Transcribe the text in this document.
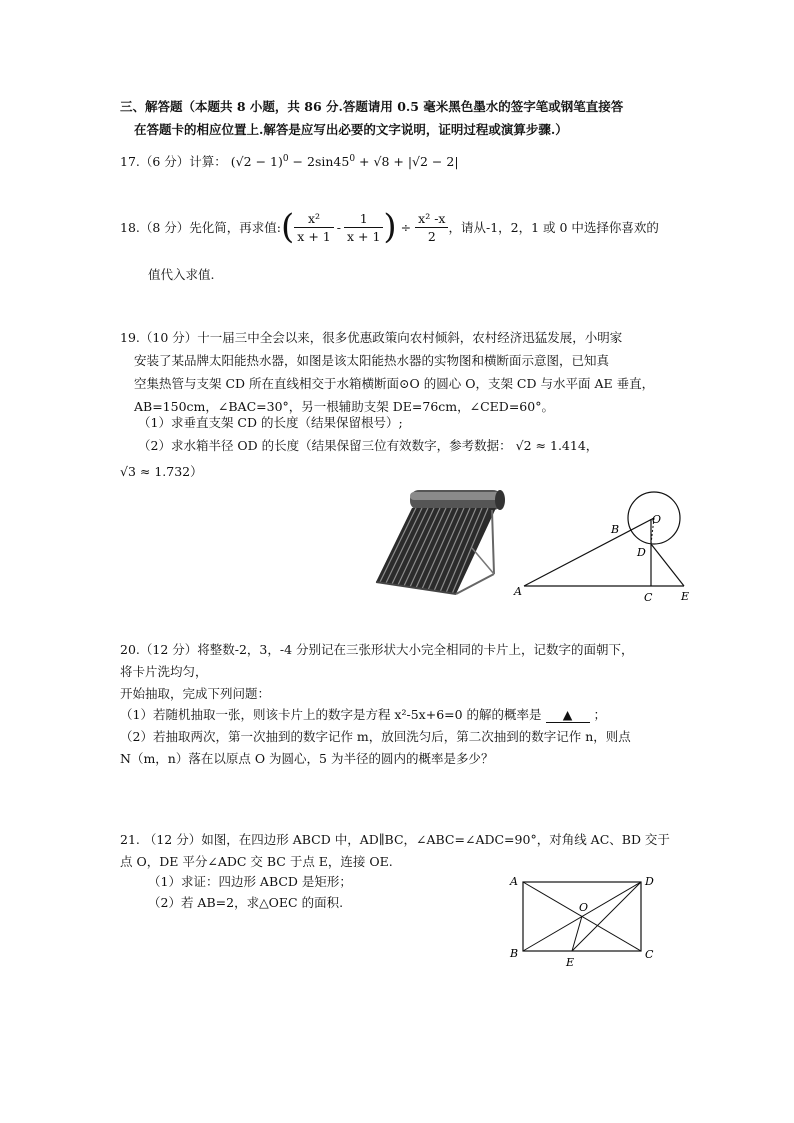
三、解答题（本题共 8 小题，共 86 分.答题请用 0.5 毫米黑色墨水的签字笔或钢笔直接答
在答题卡的相应位置上.解答是应写出必要的文字说明，证明过程或演算步骤.）
17.（6 分）计算： $(√2 - 1)^0 - 2\sin 45^0 + √8 + |√2 - 2|$
18.（8 分）先化简，再求值: ( $\frac{\text{x²}}{x + 1} - \frac{1}{x + 1}$ ) ÷ $\frac{\text{x² -x}}{2}$ ，请从-1，2，1 或 0 中选择你喜欢的
值代入求值.
19.（10 分）十一届三中全会以来，很多优惠政策向农村倾斜，农村经济迅猛发展，小明家
安装了某品牌太阳能热水器，如图是该太阳能热水器的实物图和横断面示意图，已知真
空集热管与支架 CD 所在直线相交于水箱横断面⊙O 的圆心 O，支架 CD 与水平面 AE 垂直，
AB=150cm，∠BAC=30°，另一根辅助支架 DE=76cm，∠CED=60°。
（1）求垂直支架 CD 的长度（结果保留根号）;
（2）求水箱半径 OD 的长度（结果保留三位有效数字，参考数据： √2 ≈ 1.414，
√3 ≈ 1.732）
O
B
D
A	C	E
20.（12 分）将整数-2，3，-4 分别记在三张形状大小完全相同的卡片上，记数字的面朝下，
将卡片洗均匀，
开始抽取，完成下列问题：
（1）若随机抽取一张，则该卡片上的数字是方程 x²-5x+6=0 的解的概率是 ▲ ；
（2）若抽取两次，第一次抽到的数字记作 m，放回洗匀后，第二次抽到的数字记作 n，则点
N（m，n）落在以原点 O 为圆心，5 为半径的圆内的概率是多少？
21. （12 分）如图，在四边形 ABCD 中，AD∥BC，∠ABC=∠ADC=90°，对角线 AC、BD 交于
点 O，DE 平分∠ADC 交 BC 于点 E，连接 OE.
（1）求证：四边形 ABCD 是矩形；
（2）若 AB=2，求△OEC 的面积.
A	D
O
B
E
C
